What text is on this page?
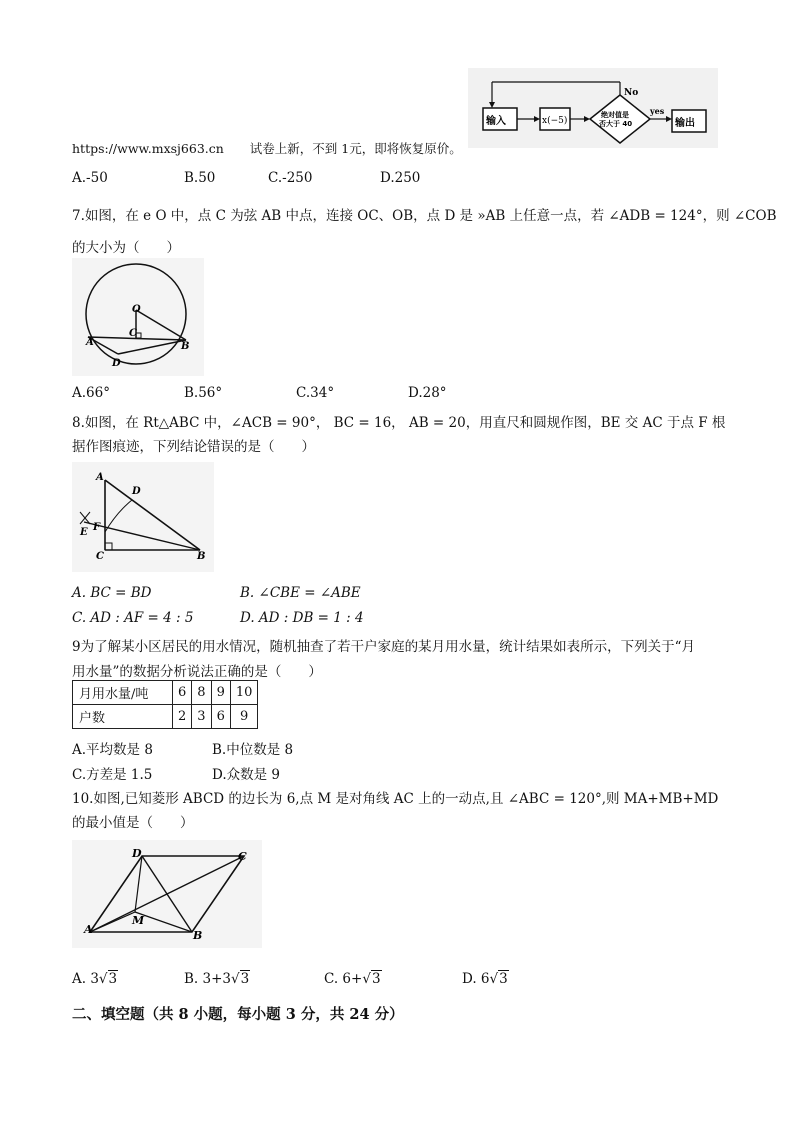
输入	x(−5)
绝对值是
否大于 40
No
yes
输出
https://www.mxsj663.cn 试卷上新，不到 1元，即将恢复原价。
A.-50	B.50	C.-250	D.250
7.如图，在 e O 中，点 C 为弦 AB 中点，连接 OC、OB，点 D 是 »AB 上任意一点，若 ∠ADB = 124°，则 ∠COB
的大小为（　　）
O
C
A	B
D
A.66°	B.56°	C.34°	D.28°
8.如图，在 Rt△ABC 中，∠ACB = 90°， BC = 16， AB = 20，用直尺和圆规作图，BE 交 AC 于点 F 根
据作图痕迹，下列结论错误的是（　　）
A
D
E F
C	B
A. BC = BD	B. ∠CBE = ∠ABE
C. AD : AF = 4 : 5	D. AD : DB = 1 : 4
9为了解某小区居民的用水情况，随机抽查了若干户家庭的某月用水量，统计结果如表所示，下列关于“月
用水量”的数据分析说法正确的是（　　）
月用水量/吨	6	8	9	10
户数	2	3	6	9
A.平均数是 8	B.中位数是 8
C.方差是 1.5	D.众数是 9
10.如图,已知菱形 ABCD 的边长为 6,点 M 是对角线 AC 上的一动点,且 ∠ABC = 120°,则 MA+MB+MD
的最小值是（　　）
D	C
M
A	B
A. 3√3	B. 3+3√3	C. 6+√3	D. 6√3
二、填空题（共 8 小题，每小题 3 分，共 24 分）
